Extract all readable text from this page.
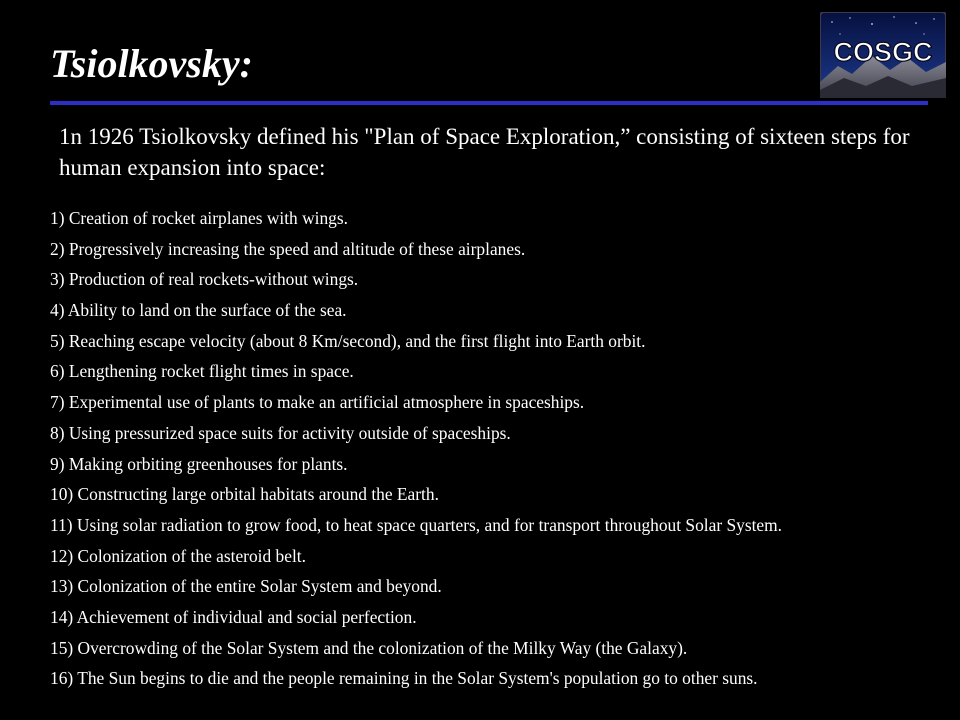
Tsiolkovsky:	COSGC
1n 1926 Tsiolkovsky defined his "Plan of Space Exploration,” consisting of sixteen steps for human expansion into space:
1) Creation of rocket airplanes with wings.
2) Progressively increasing the speed and altitude of these airplanes.
3) Production of real rockets-without wings.
4) Ability to land on the surface of the sea.
5) Reaching escape velocity (about 8 Km/second), and the first flight into Earth orbit.
6) Lengthening rocket flight times in space.
7) Experimental use of plants to make an artificial atmosphere in spaceships.
8) Using pressurized space suits for activity outside of spaceships.
9) Making orbiting greenhouses for plants.
10) Constructing large orbital habitats around the Earth.
11) Using solar radiation to grow food, to heat space quarters, and for transport throughout Solar System.
12) Colonization of the asteroid belt.
13) Colonization of the entire Solar System and beyond.
14) Achievement of individual and social perfection.
15) Overcrowding of the Solar System and the colonization of the Milky Way (the Galaxy).
16) The Sun begins to die and the people remaining in the Solar System's population go to other suns.
